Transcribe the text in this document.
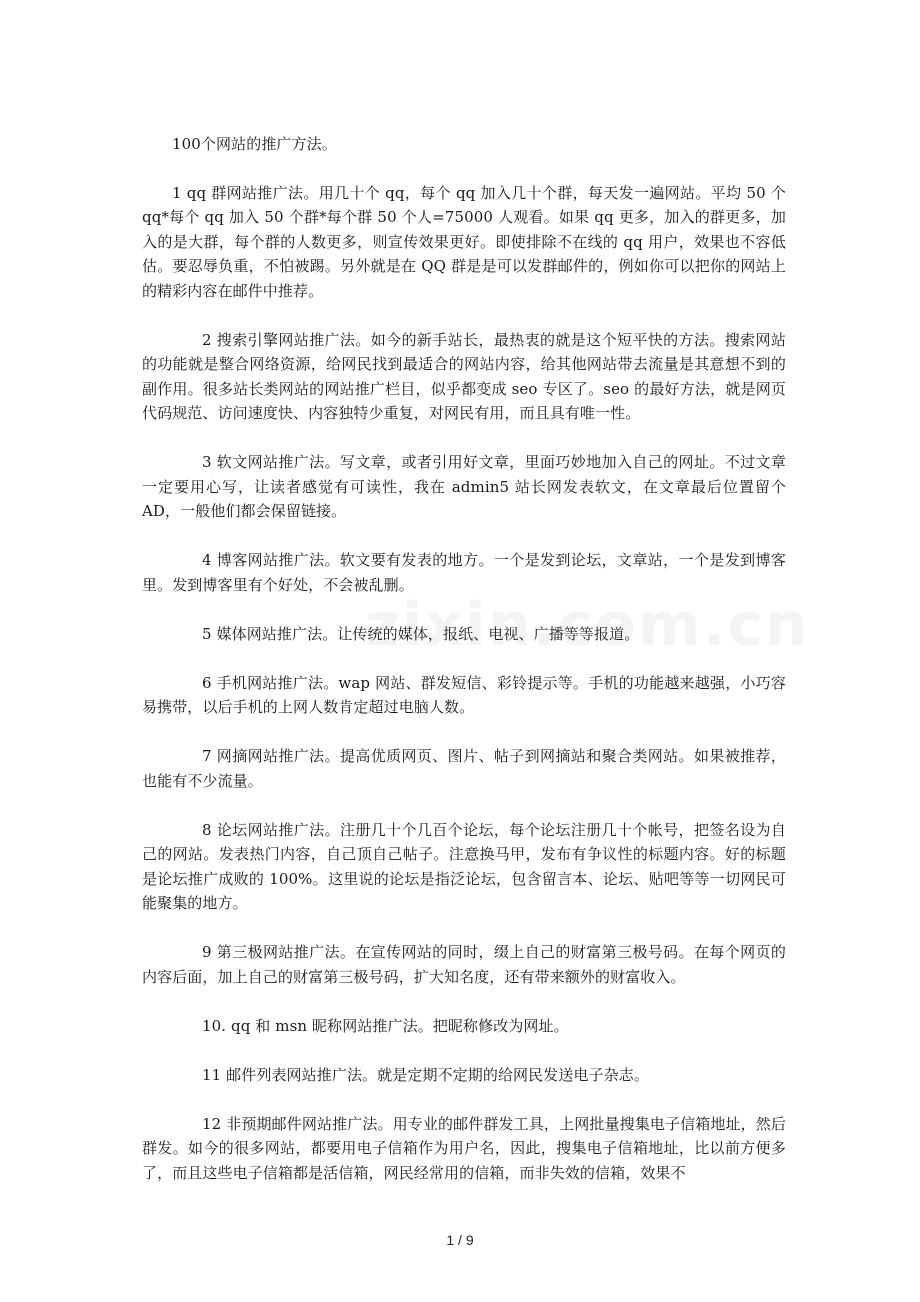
100个网站的推广方法。

1 qq 群网站推广法。用几十个 qq，每个 qq 加入几十个群，每天发一遍网站。平均 50 个 qq*每个 qq 加入 50 个群*每个群 50 个人=75000 人观看。如果 qq 更多，加入的群更多，加入的是大群，每个群的人数更多，则宣传效果更好。即使排除不在线的 qq 用户，效果也不容低估。要忍辱负重，不怕被踢。另外就是在 QQ 群是是可以发群邮件的，例如你可以把你的网站上的精彩内容在邮件中推荐。

2 搜索引擎网站推广法。如今的新手站长，最热衷的就是这个短平快的方法。搜索网站的功能就是整合网络资源，给网民找到最适合的网站内容，给其他网站带去流量是其意想不到的副作用。很多站长类网站的网站推广栏目，似乎都变成 seo 专区了。seo 的最好方法，就是网页代码规范、访问速度快、内容独特少重复，对网民有用，而且具有唯一性。

3 软文网站推广法。写文章，或者引用好文章，里面巧妙地加入自己的网址。不过文章一定要用心写，让读者感觉有可读性，我在 admin5 站长网发表软文，在文章最后位置留个 AD，一般他们都会保留链接。

4 博客网站推广法。软文要有发表的地方。一个是发到论坛，文章站，一个是发到博客里。发到博客里有个好处，不会被乱删。

5 媒体网站推广法。让传统的媒体，报纸、电视、广播等等报道。

6 手机网站推广法。wap 网站、群发短信、彩铃提示等。手机的功能越来越强，小巧容易携带，以后手机的上网人数肯定超过电脑人数。

7 网摘网站推广法。提高优质网页、图片、帖子到网摘站和聚合类网站。如果被推荐，也能有不少流量。

8 论坛网站推广法。注册几十个几百个论坛，每个论坛注册几十个帐号，把签名设为自己的网站。发表热门内容，自己顶自己帖子。注意换马甲，发布有争议性的标题内容。好的标题是论坛推广成败的 100%。这里说的论坛是指泛论坛，包含留言本、论坛、贴吧等等一切网民可能聚集的地方。

9 第三极网站推广法。在宣传网站的同时，缀上自己的财富第三极号码。在每个网页的内容后面，加上自己的财富第三极号码，扩大知名度，还有带来额外的财富收入。

10. qq 和 msn 昵称网站推广法。把昵称修改为网址。

11 邮件列表网站推广法。就是定期不定期的给网民发送电子杂志。

12 非预期邮件网站推广法。用专业的邮件群发工具，上网批量搜集电子信箱地址，然后群发。如今的很多网站，都要用电子信箱作为用户名，因此，搜集电子信箱地址，比以前方便多了，而且这些电子信箱都是活信箱，网民经常用的信箱，而非失效的信箱，效果不

1 / 9
